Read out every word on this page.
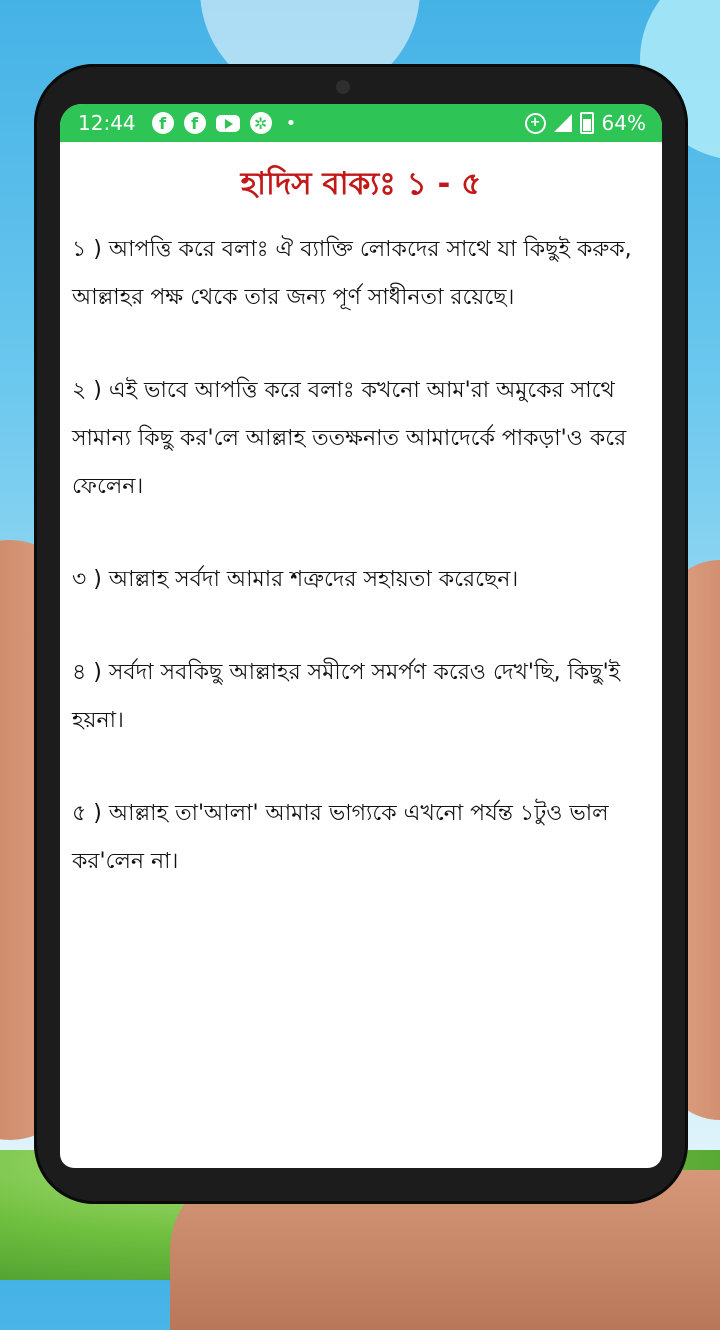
12:44	f	f	✲ •	+	64%
হাদিস বাক্যঃ ১ - ৫

১ ) আপত্তি করে বলাঃ ঐ ব্যাক্তি লোকদের সাথে যা কিছুই করুক, আল্লাহর পক্ষ থেকে তার জন্য পূর্ণ সাধীনতা রয়েছে।

২ ) এই ভাবে আপত্তি করে বলাঃ কখনো আম'রা অমুকের সাথে সামান্য কিছু কর'লে আল্লাহ ততক্ষনাত আমাদের্কে পাকড়া'ও করে ফেলেন।

৩ ) আল্লাহ সর্বদা আমার শত্রুদের সহায়তা করেছেন।

৪ ) সর্বদা সবকিছু আল্লাহর সমীপে সমর্পণ করেও দেখ'ছি, কিছু'ই হয়না।

৫ ) আল্লাহ তা'আলা' আমার ভাগ্যকে এখনো পর্যন্ত ১টুও ভাল কর'লেন না।
